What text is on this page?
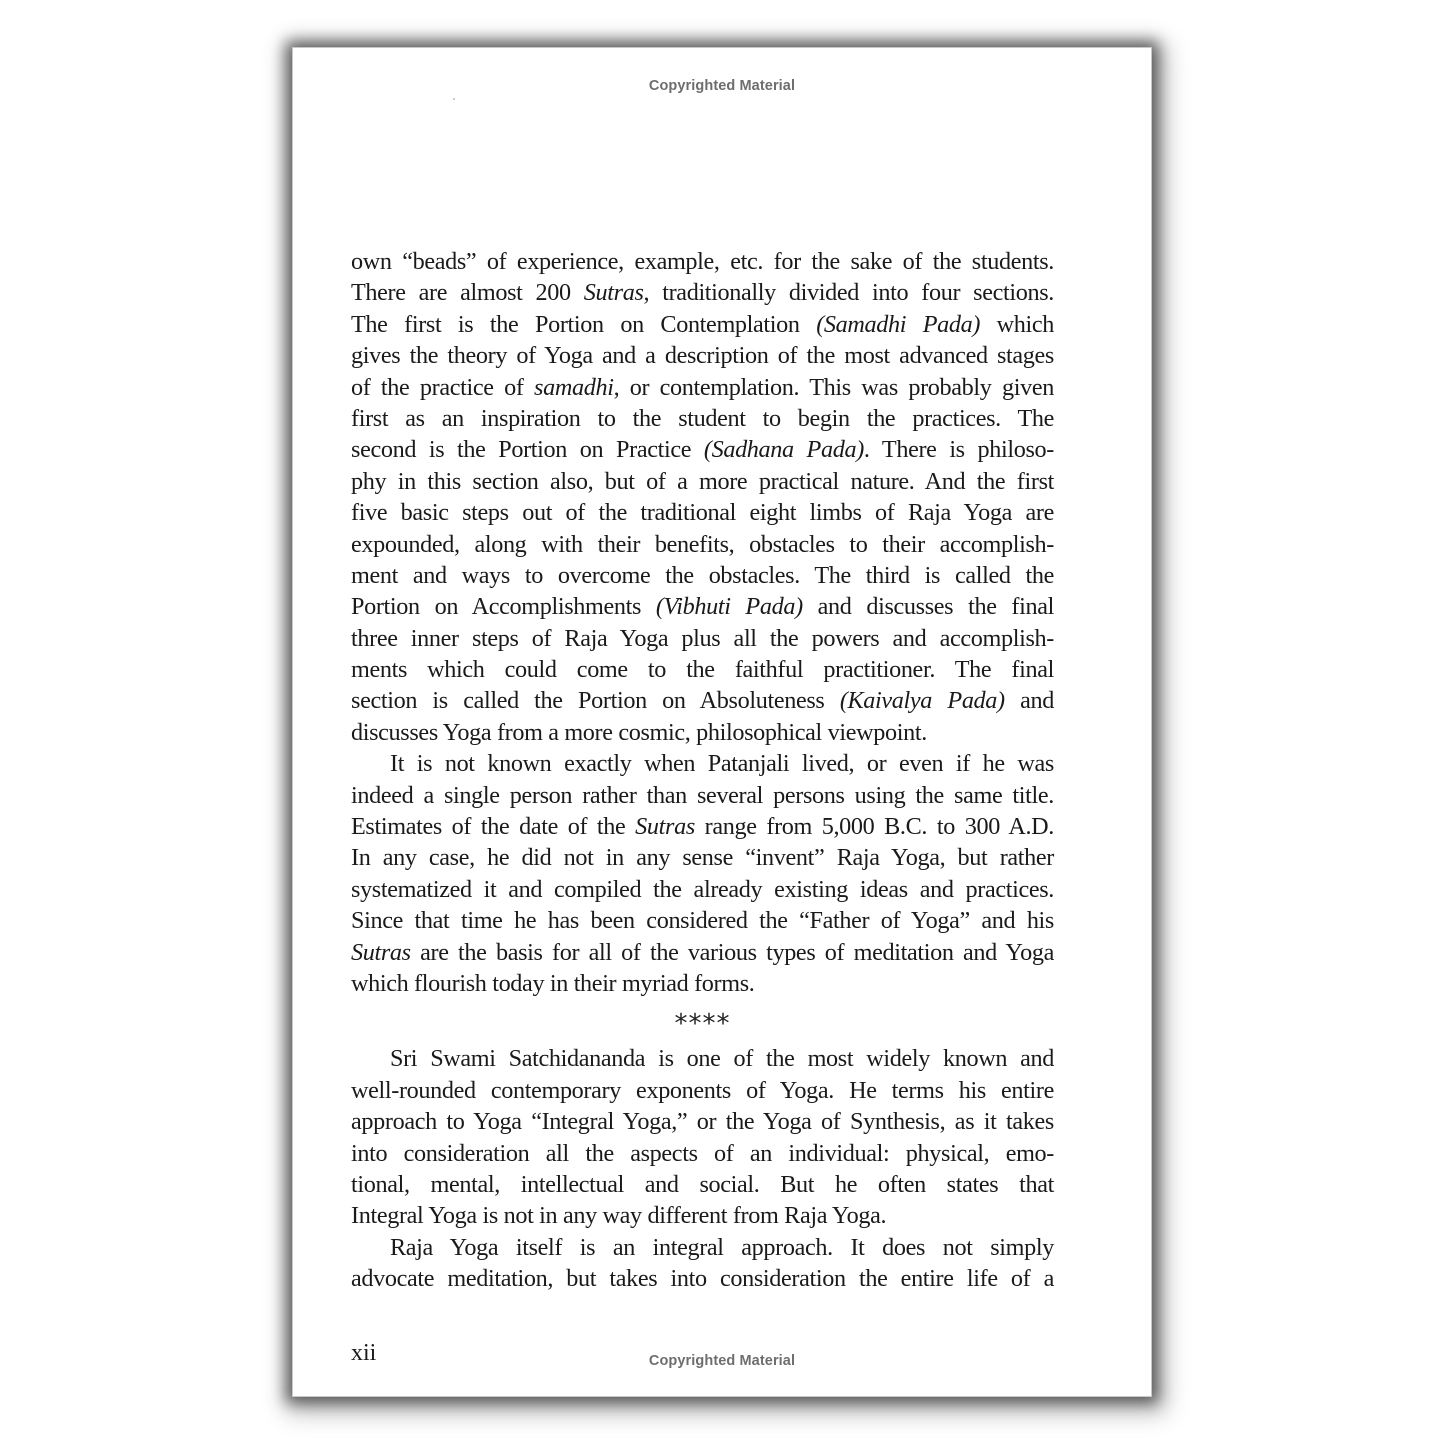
Copyrighted Material
own “beads” of experience, example, etc. for the sake of the students.
There are almost 200 Sutras, traditionally divided into four sections.
The first is the Portion on Contemplation (Samadhi Pada) which
gives the theory of Yoga and a description of the most advanced stages
of the practice of samadhi, or contemplation. This was probably given
first as an inspiration to the student to begin the practices. The
second is the Portion on Practice (Sadhana Pada). There is philoso-
phy in this section also, but of a more practical nature. And the first
five basic steps out of the traditional eight limbs of Raja Yoga are
expounded, along with their benefits, obstacles to their accomplish-
ment and ways to overcome the obstacles. The third is called the
Portion on Accomplishments (Vibhuti Pada) and discusses the final
three inner steps of Raja Yoga plus all the powers and accomplish-
ments which could come to the faithful practitioner. The final
section is called the Portion on Absoluteness (Kaivalya Pada) and
discusses Yoga from a more cosmic, philosophical viewpoint.
It is not known exactly when Patanjali lived, or even if he was
indeed a single person rather than several persons using the same title.
Estimates of the date of the Sutras range from 5,000 B.C. to 300 A.D.
In any case, he did not in any sense “invent” Raja Yoga, but rather
systematized it and compiled the already existing ideas and practices.
Since that time he has been considered the “Father of Yoga” and his
Sutras are the basis for all of the various types of meditation and Yoga
which flourish today in their myriad forms.
****
Sri Swami Satchidananda is one of the most widely known and
well-rounded contemporary exponents of Yoga. He terms his entire
approach to Yoga “Integral Yoga,” or the Yoga of Synthesis, as it takes
into consideration all the aspects of an individual: physical, emo-
tional, mental, intellectual and social. But he often states that
Integral Yoga is not in any way different from Raja Yoga.
Raja Yoga itself is an integral approach. It does not simply
advocate meditation, but takes into consideration the entire life of a
xii	Copyrighted Material
